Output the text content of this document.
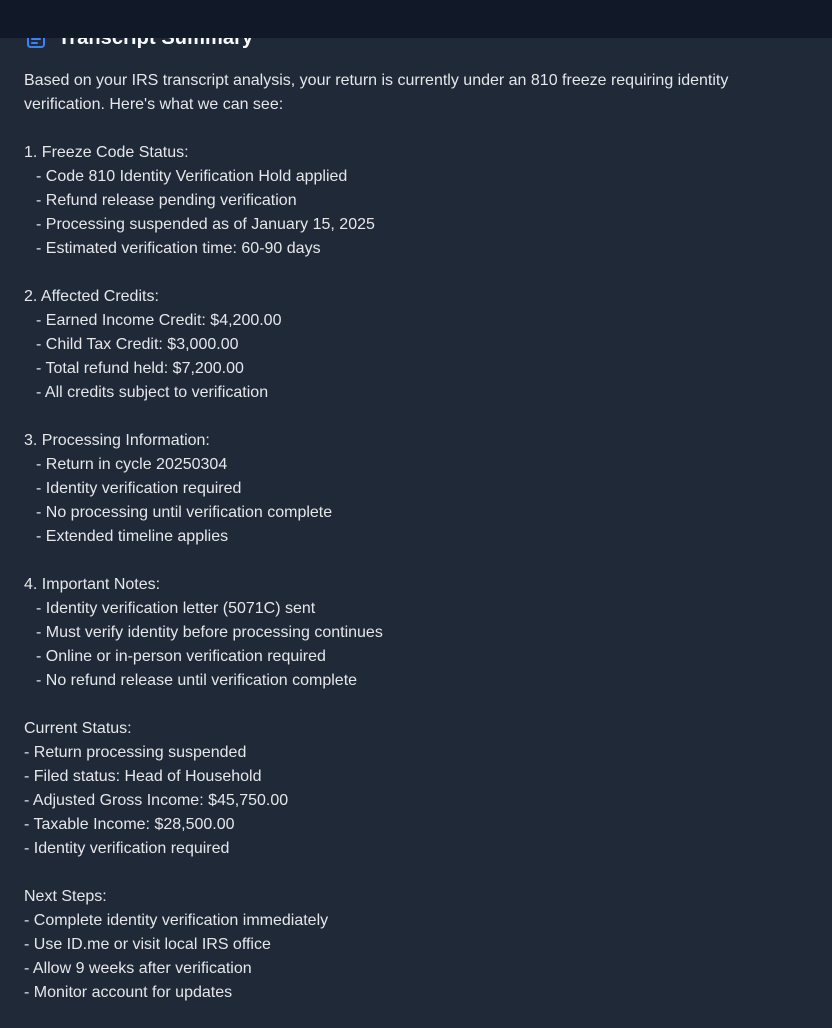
Based on your IRS transcript analysis, your return is currently under an 810 freeze requiring identity verification. Here's what we can see:

1. Freeze Code Status:
- Code 810 Identity Verification Hold applied
- Refund release pending verification
- Processing suspended as of January 15, 2025
- Estimated verification time: 60-90 days
2. Affected Credits:
- Earned Income Credit: $4,200.00
- Child Tax Credit: $3,000.00
- Total refund held: $7,200.00
- All credits subject to verification
3. Processing Information:
- Return in cycle 20250304
- Identity verification required
- No processing until verification complete
- Extended timeline applies
4. Important Notes:
- Identity verification letter (5071C) sent
- Must verify identity before processing continues
- Online or in-person verification required
- No refund release until verification complete
Current Status:
- Return processing suspended
- Filed status: Head of Household
- Adjusted Gross Income: $45,750.00
- Taxable Income: $28,500.00
- Identity verification required
Next Steps:
- Complete identity verification immediately
- Use ID.me or visit local IRS office
- Allow 9 weeks after verification
- Monitor account for updates
